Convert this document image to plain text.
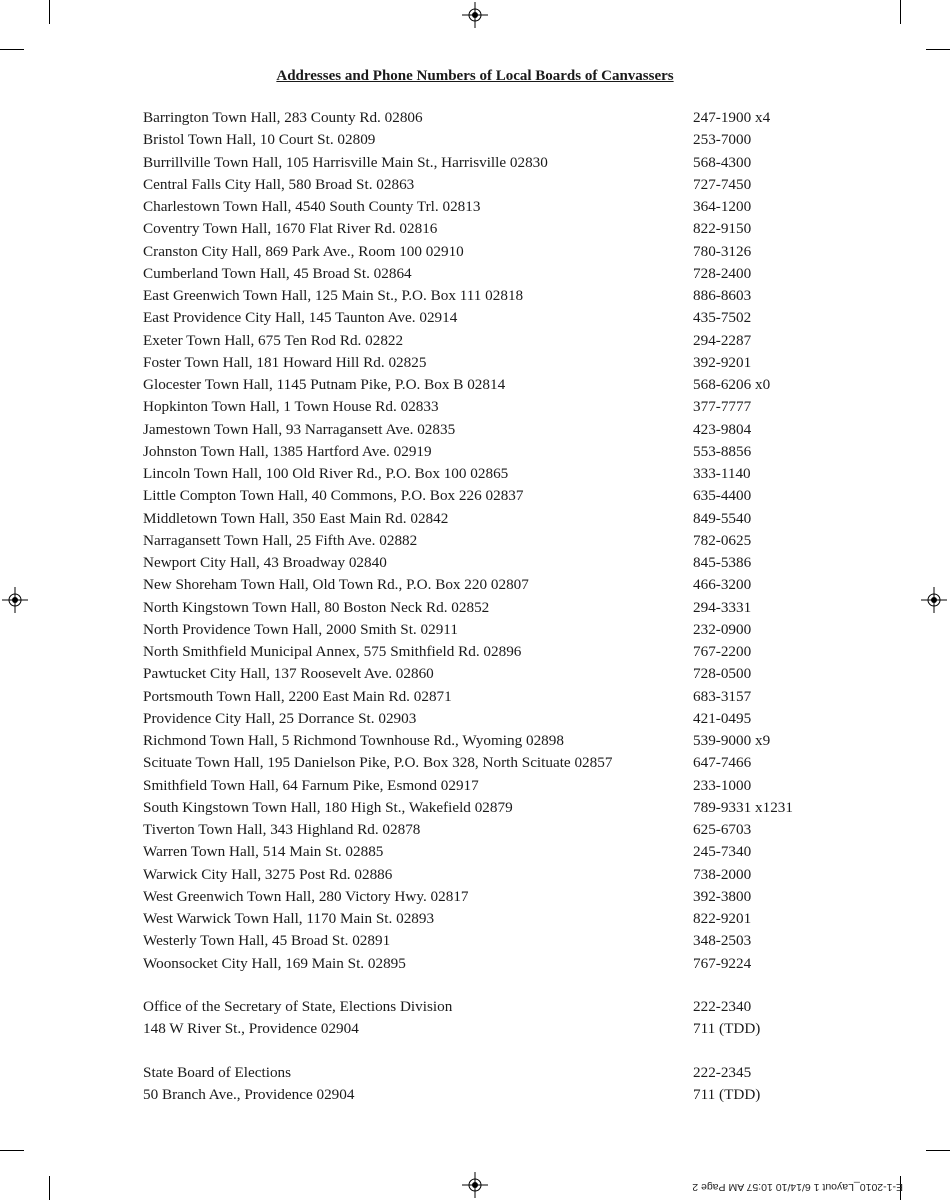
Addresses and Phone Numbers of Local Boards of Canvassers
Barrington Town Hall, 283 County Rd. 02806	247-1900 x4
Bristol Town Hall, 10 Court St. 02809	253-7000
Burrillville Town Hall, 105 Harrisville Main St., Harrisville 02830	568-4300
Central Falls City Hall, 580 Broad St. 02863	727-7450
Charlestown Town Hall, 4540 South County Trl. 02813	364-1200
Coventry Town Hall, 1670 Flat River Rd. 02816	822-9150
Cranston City Hall, 869 Park Ave., Room 100 02910	780-3126
Cumberland Town Hall, 45 Broad St. 02864	728-2400
East Greenwich Town Hall, 125 Main St., P.O. Box 111 02818	886-8603
East Providence City Hall, 145 Taunton Ave. 02914	435-7502
Exeter Town Hall, 675 Ten Rod Rd. 02822	294-2287
Foster Town Hall, 181 Howard Hill Rd. 02825	392-9201
Glocester Town Hall, 1145 Putnam Pike, P.O. Box B 02814	568-6206 x0
Hopkinton Town Hall, 1 Town House Rd. 02833	377-7777
Jamestown Town Hall, 93 Narragansett Ave. 02835	423-9804
Johnston Town Hall, 1385 Hartford Ave. 02919	553-8856
Lincoln Town Hall, 100 Old River Rd., P.O. Box 100 02865	333-1140
Little Compton Town Hall, 40 Commons, P.O. Box 226 02837	635-4400
Middletown Town Hall, 350 East Main Rd. 02842	849-5540
Narragansett Town Hall, 25 Fifth Ave. 02882	782-0625
Newport City Hall, 43 Broadway 02840	845-5386
New Shoreham Town Hall, Old Town Rd., P.O. Box 220 02807	466-3200
North Kingstown Town Hall, 80 Boston Neck Rd. 02852	294-3331
North Providence Town Hall, 2000 Smith St. 02911	232-0900
North Smithfield Municipal Annex, 575 Smithfield Rd. 02896	767-2200
Pawtucket City Hall, 137 Roosevelt Ave. 02860	728-0500
Portsmouth Town Hall, 2200 East Main Rd. 02871	683-3157
Providence City Hall, 25 Dorrance St. 02903	421-0495
Richmond Town Hall, 5 Richmond Townhouse Rd., Wyoming 02898	539-9000 x9
Scituate Town Hall, 195 Danielson Pike, P.O. Box 328, North Scituate 02857	647-7466
Smithfield Town Hall, 64 Farnum Pike, Esmond 02917	233-1000
South Kingstown Town Hall, 180 High St., Wakefield 02879	789-9331 x1231
Tiverton Town Hall, 343 Highland Rd. 02878	625-6703
Warren Town Hall, 514 Main St. 02885	245-7340
Warwick City Hall, 3275 Post Rd. 02886	738-2000
West Greenwich Town Hall, 280 Victory Hwy. 02817	392-3800
West Warwick Town Hall, 1170 Main St. 02893	822-9201
Westerly Town Hall, 45 Broad St. 02891	348-2503
Woonsocket City Hall, 169 Main St. 02895	767-9224
Office of the Secretary of State, Elections Division	222-2340
148 W River St., Providence 02904	711 (TDD)
State Board of Elections	222-2345
50 Branch Ave., Providence 02904	711 (TDD)
E-1-2010_Layout 1 6/14/10 10:57 AM Page 2
